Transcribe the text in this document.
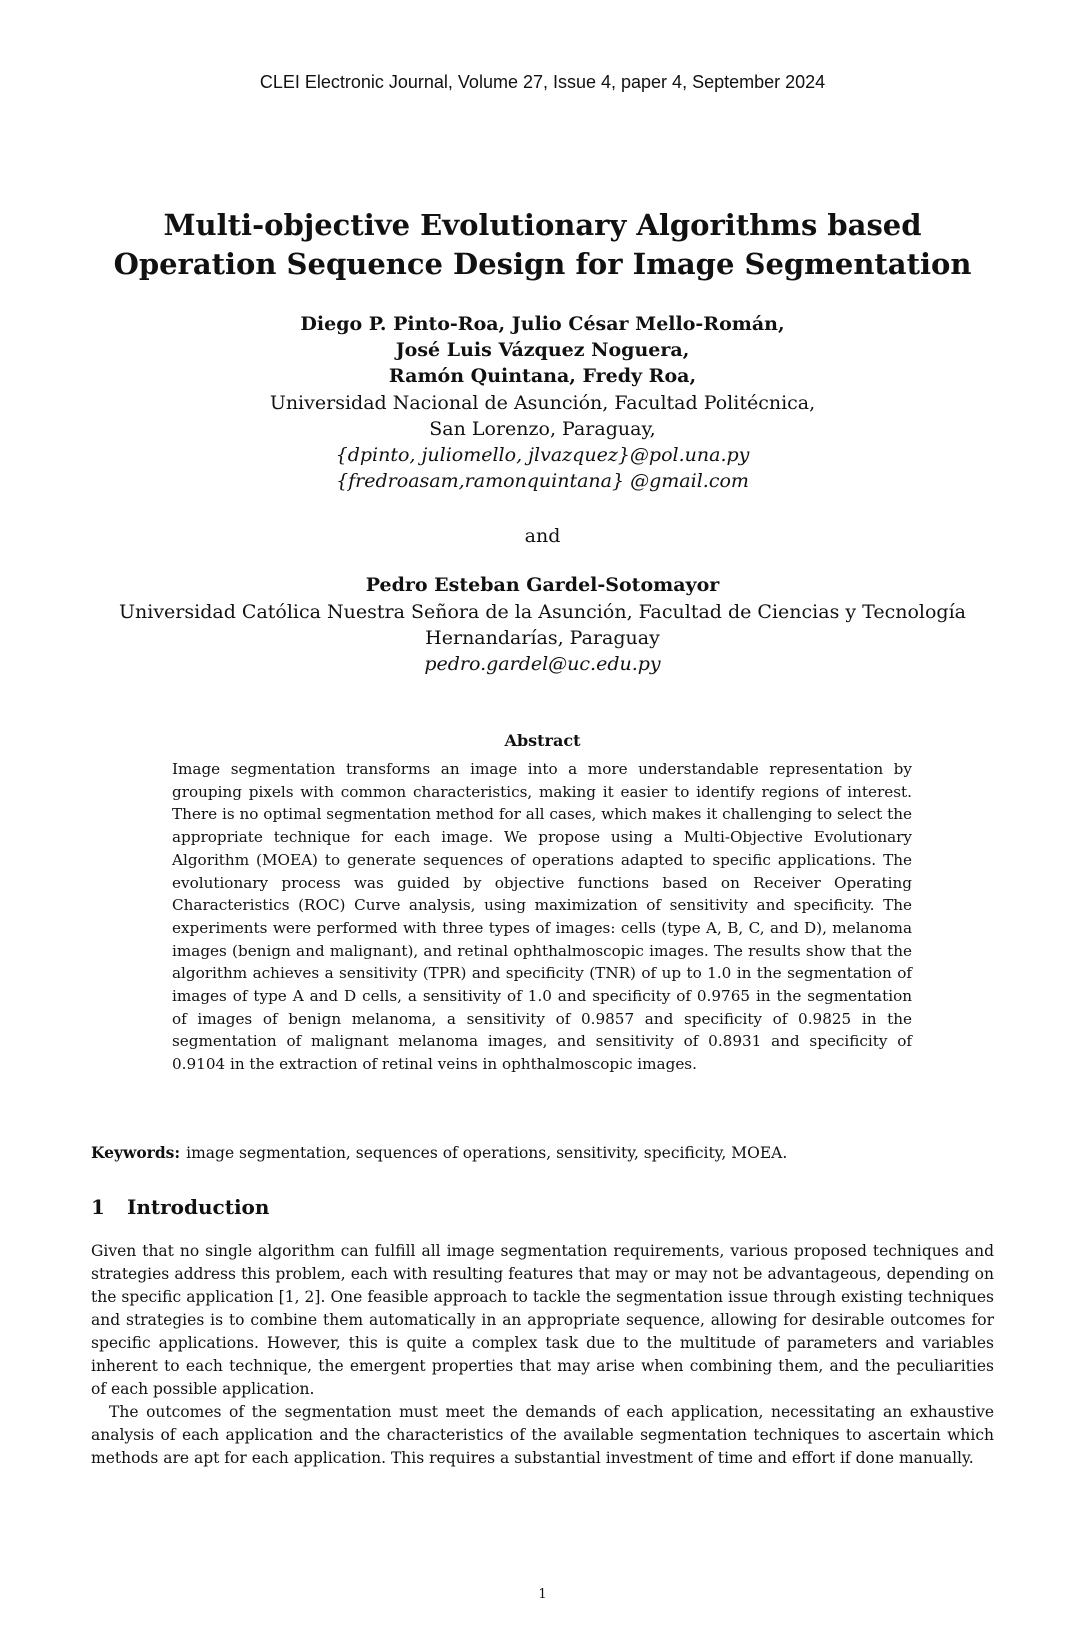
CLEI Electronic Journal, Volume 27, Issue 4, paper 4, September 2024
Multi-objective Evolutionary Algorithms based
Operation Sequence Design for Image Segmentation
Diego P. Pinto-Roa, Julio César Mello-Román,
José Luis Vázquez Noguera,
Ramón Quintana, Fredy Roa,
Universidad Nacional de Asunción, Facultad Politécnica,
San Lorenzo, Paraguay,
{dpinto, juliomello, jlvazquez}@pol.una.py
{fredroasam,ramonquintana} @gmail.com
and
Pedro Esteban Gardel-Sotomayor
Universidad Católica Nuestra Señora de la Asunción, Facultad de Ciencias y Tecnología
Hernandarías, Paraguay
pedro.gardel@uc.edu.py
Abstract
Image segmentation transforms an image into a more understandable representation by grouping pixels with common characteristics, making it easier to identify regions of interest. There is no optimal segmentation method for all cases, which makes it challenging to select the appropriate technique for each image. We propose using a Multi-Objective Evolutionary Algorithm (MOEA) to generate sequences of operations adapted to specific applications. The evolutionary process was guided by objective functions based on Receiver Operating Characteristics (ROC) Curve analysis, using maximization of sensitivity and specificity. The experiments were performed with three types of images: cells (type A, B, C, and D), melanoma images (benign and malignant), and retinal ophthalmoscopic images. The results show that the algorithm achieves a sensitivity (TPR) and specificity (TNR) of up to 1.0 in the segmentation of images of type A and D cells, a sensitivity of 1.0 and specificity of 0.9765 in the segmentation of images of benign melanoma, a sensitivity of 0.9857 and specificity of 0.9825 in the segmentation of malignant melanoma images, and sensitivity of 0.8931 and specificity of 0.9104 in the extraction of retinal veins in ophthalmoscopic images.
Keywords: image segmentation, sequences of operations, sensitivity, specificity, MOEA.
1 Introduction

Given that no single algorithm can fulfill all image segmentation requirements, various proposed techniques and strategies address this problem, each with resulting features that may or may not be advantageous, depending on the specific application [1, 2]. One feasible approach to tackle the segmentation issue through existing techniques and strategies is to combine them automatically in an appropriate sequence, allowing for desirable outcomes for specific applications. However, this is quite a complex task due to the multitude of parameters and variables inherent to each technique, the emergent properties that may arise when combining them, and the peculiarities of each possible application.

The outcomes of the segmentation must meet the demands of each application, necessitating an exhaustive analysis of each application and the characteristics of the available segmentation techniques to ascertain which methods are apt for each application. This requires a substantial investment of time and effort if done manually.

1
